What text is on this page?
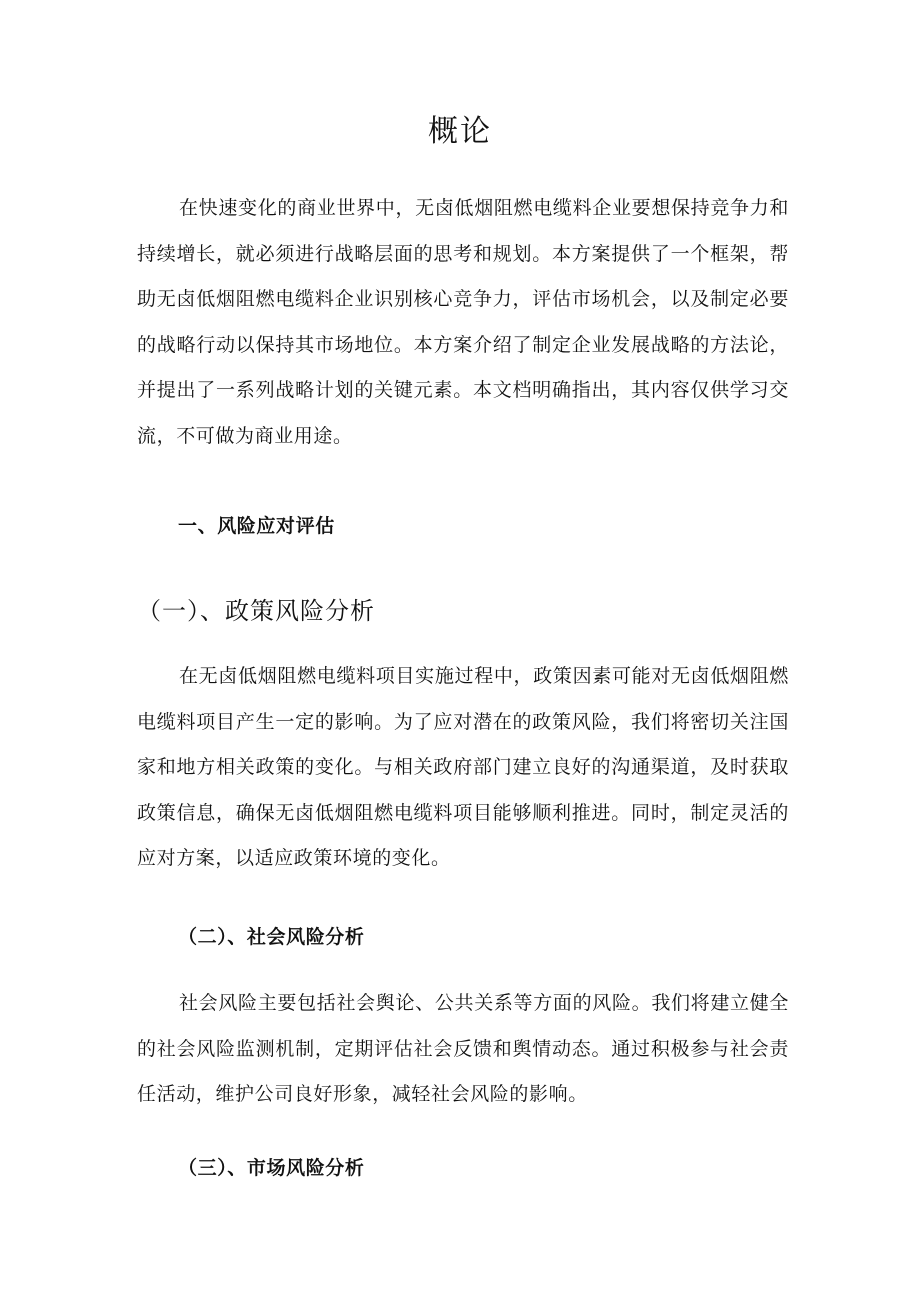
概论

在快速变化的商业世界中，无卤低烟阻燃电缆料企业要想保持竞争力和持续增长，就必须进行战略层面的思考和规划。本方案提供了一个框架，帮助无卤低烟阻燃电缆料企业识别核心竞争力，评估市场机会，以及制定必要的战略行动以保持其市场地位。本方案介绍了制定企业发展战略的方法论，并提出了一系列战略计划的关键元素。本文档明确指出，其内容仅供学习交流，不可做为商业用途。

一、风险应对评估
（一）、政策风险分析

在无卤低烟阻燃电缆料项目实施过程中，政策因素可能对无卤低烟阻燃电缆料项目产生一定的影响。为了应对潜在的政策风险，我们将密切关注国家和地方相关政策的变化。与相关政府部门建立良好的沟通渠道，及时获取政策信息，确保无卤低烟阻燃电缆料项目能够顺利推进。同时，制定灵活的应对方案，以适应政策环境的变化。

（二）、社会风险分析

社会风险主要包括社会舆论、公共关系等方面的风险。我们将建立健全的社会风险监测机制，定期评估社会反馈和舆情动态。通过积极参与社会责任活动，维护公司良好形象，减轻社会风险的影响。

（三）、市场风险分析
